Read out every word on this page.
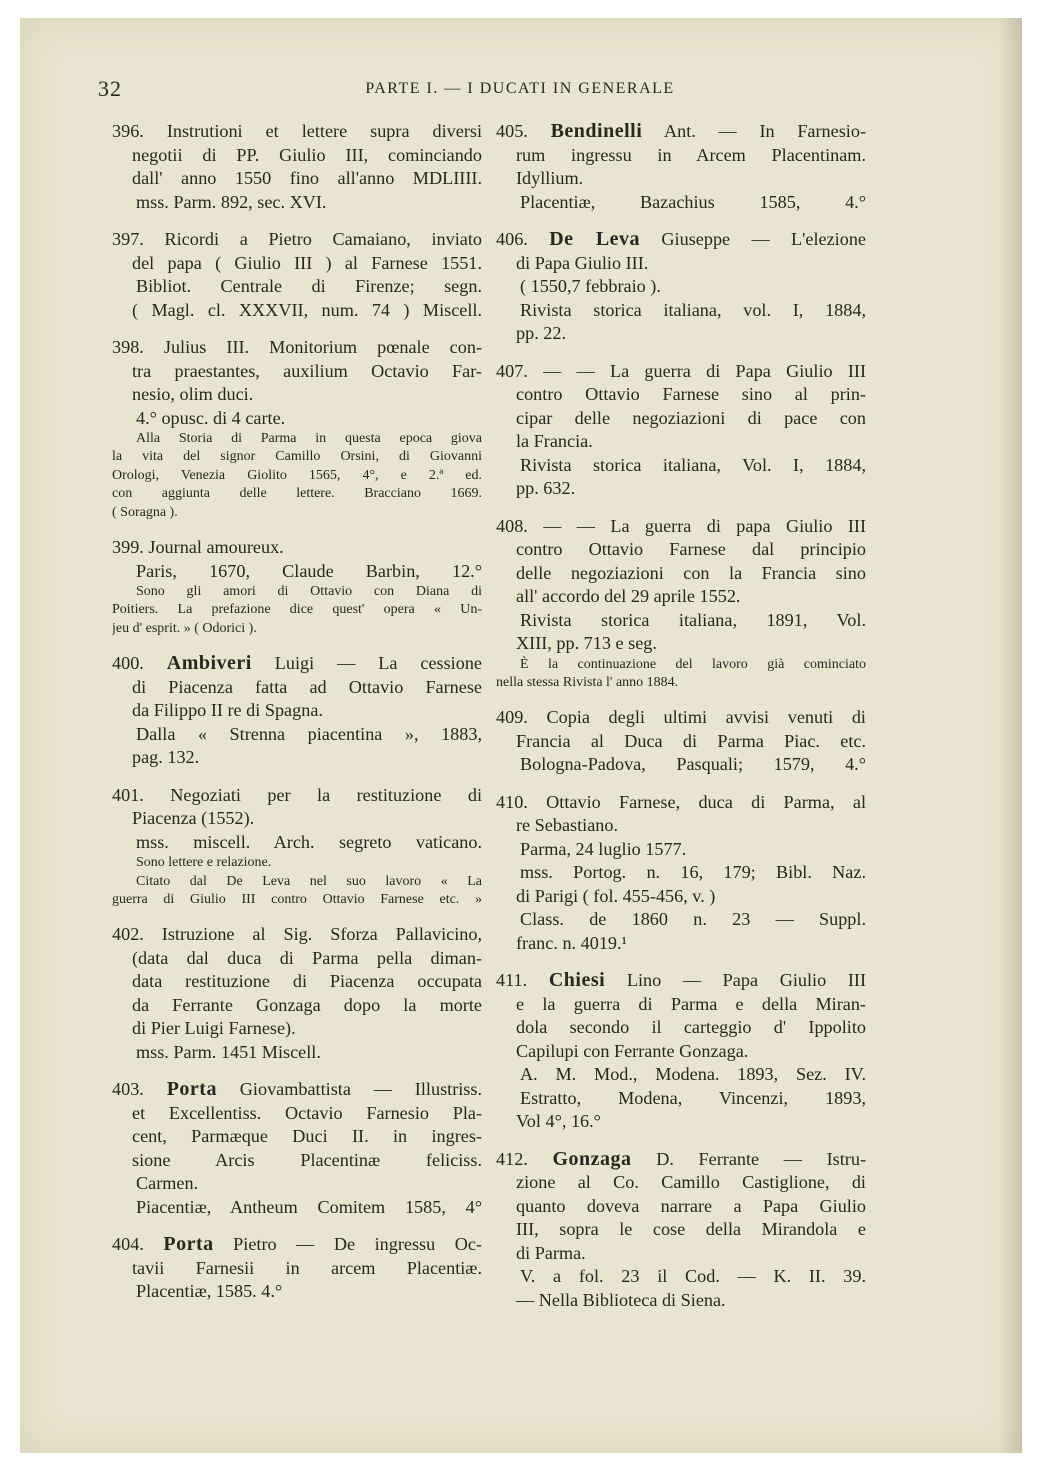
32	PARTE I. — I DUCATI IN GENERALE
396. Instrutioni et lettere supra diversi
negotii di PP. Giulio III, cominciando
dall' anno 1550 fino all'anno MDLIIII.
mss. Parm. 892, sec. XVI.
397. Ricordi a Pietro Camaiano, inviato
del papa ( Giulio III ) al Farnese 1551.
Bibliot. Centrale di Firenze; segn.
( Magl. cl. XXXVII, num. 74 ) Miscell.
398. Julius III. Monitorium pœnale con-
tra praestantes, auxilium Octavio Far-
nesio, olim duci.
4.° opusc. di 4 carte.
Alla Storia di Parma in questa epoca giova
la vita del signor Camillo Orsini, di Giovanni
Orologi, Venezia Giolito 1565, 4°, e 2.ª ed.
con aggiunta delle lettere. Bracciano 1669.
( Soragna ).
399. Journal amoureux.
Paris, 1670, Claude Barbin, 12.°
Sono gli amori di Ottavio con Diana di
Poitiers. La prefazione dice quest' opera « Un-
jeu d' esprit. » ( Odorici ).
400. Ambiveri Luigi — La cessione
di Piacenza fatta ad Ottavio Farnese
da Filippo II re di Spagna.
Dalla « Strenna piacentina », 1883,
pag. 132.
401. Negoziati per la restituzione di
Piacenza (1552).
mss. miscell. Arch. segreto vaticano.
Sono lettere e relazione.
Citato dal De Leva nel suo lavoro « La
guerra di Giulio III contro Ottavio Farnese etc. »
402. Istruzione al Sig. Sforza Pallavicino,
(data dal duca di Parma pella diman-
data restituzione di Piacenza occupata
da Ferrante Gonzaga dopo la morte
di Pier Luigi Farnese).
mss. Parm. 1451 Miscell.
403. Porta Giovambattista — Illustriss.
et Excellentiss. Octavio Farnesio Pla-
cent, Parmæque Duci II. in ingres-
sione Arcis Placentinæ feliciss.
Carmen.
Piacentiæ, Antheum Comitem 1585, 4°
404. Porta Pietro — De ingressu Oc-
tavii Farnesii in arcem Placentiæ.
Placentiæ, 1585. 4.°
405. Bendinelli Ant. — In Farnesio-
rum ingressu in Arcem Placentinam.
Idyllium.
Placentiæ, Bazachius 1585, 4.°
406. De Leva Giuseppe — L'elezione
di Papa Giulio III.
( 1550,7 febbraio ).
Rivista storica italiana, vol. I, 1884,
pp. 22.
407. — — La guerra di Papa Giulio III
contro Ottavio Farnese sino al prin-
cipar delle negoziazioni di pace con
la Francia.
Rivista storica italiana, Vol. I, 1884,
pp. 632.
408. — — La guerra di papa Giulio III
contro Ottavio Farnese dal principio
delle negoziazioni con la Francia sino
all' accordo del 29 aprile 1552.
Rivista storica italiana, 1891, Vol.
XIII, pp. 713 e seg.
È la continuazione del lavoro già cominciato
nella stessa Rivista l' anno 1884.
409. Copia degli ultimi avvisi venuti di
Francia al Duca di Parma Piac. etc.
Bologna-Padova, Pasquali; 1579, 4.°
410. Ottavio Farnese, duca di Parma, al
re Sebastiano.
Parma, 24 luglio 1577.
mss. Portog. n. 16, 179; Bibl. Naz.
di Parigi ( fol. 455-456, v. )
Class. de 1860 n. 23 — Suppl.
franc. n. 4019.¹
411. Chiesi Lino — Papa Giulio III
e la guerra di Parma e della Miran-
dola secondo il carteggio d' Ippolito
Capilupi con Ferrante Gonzaga.
A. M. Mod., Modena. 1893, Sez. IV.
Estratto, Modena, Vincenzi, 1893,
Vol 4°, 16.°
412. Gonzaga D. Ferrante — Istru-
zione al Co. Camillo Castiglione, di
quanto doveva narrare a Papa Giulio
III, sopra le cose della Mirandola e
di Parma.
V. a fol. 23 il Cod. — K. II. 39.
— Nella Biblioteca di Siena.
